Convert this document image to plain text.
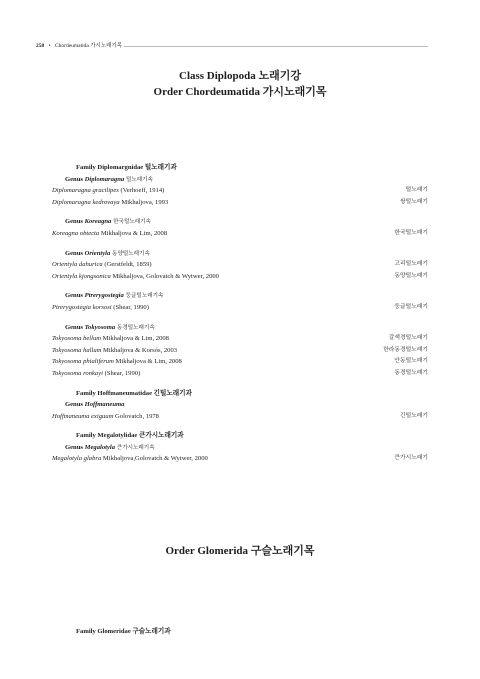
258 • Chordeumatida 가시노래기목
Class Diplopoda 노래기강
Order Chordeumatida 가시노래기목
Family Diplomargnidae 털노래기과
Genus Diplomaragna 털노래기속
Diplomaragna gracilipes (Verhoeff, 1914)	털노래기
Diplomaragna kedrovaya Mikhaljova, 1993	쌍털노래기
Genus Koreagna 한국털노래기속
Koreagna obtecta Mikhaljova & Lim, 2008	한국털노래기
Genus Orientyla 동양털노래기속
Orientyla dahurica (Gerstfeldt, 1859)	고리털노래기
Orientyla kjongsonica Mikhaljova, Golovatch & Wytwer, 2000	동양털노래기
Genus Ptrerygostegia 둥글털노래기속
Ptrerygostegia korsosi (Shear, 1990)	둥글털노래기
Genus Tokyosoma 동경털노래기속
Tokyosoma bellum Mikhaljova & Lim, 2008	갈색경털노래기
Tokyosoma hallum Mikhaljova & Korsós, 2003	한라동경털노래기
Tokyosoma phialiferum Mikhaljova & Lim, 2008	안동털노래기
Tokyosoma ronkayi (Shear, 1990)	동경털노래기
Family Hoffmaneumatidae 긴털노래기과
Genus Hoffmaneuma
Hoffmaneuma exiguum Golovatch, 1978	긴털노래기
Family Megalotylidae 큰가시노래기과
Genus Megalotyla 큰가시노래기속
Megalotyla glabra Mikhaljova,Golovatch & Wytwer, 2000	큰가시노래기
Order Glomerida 구슬노래기목
Family Glomeridae 구슬노래기과
